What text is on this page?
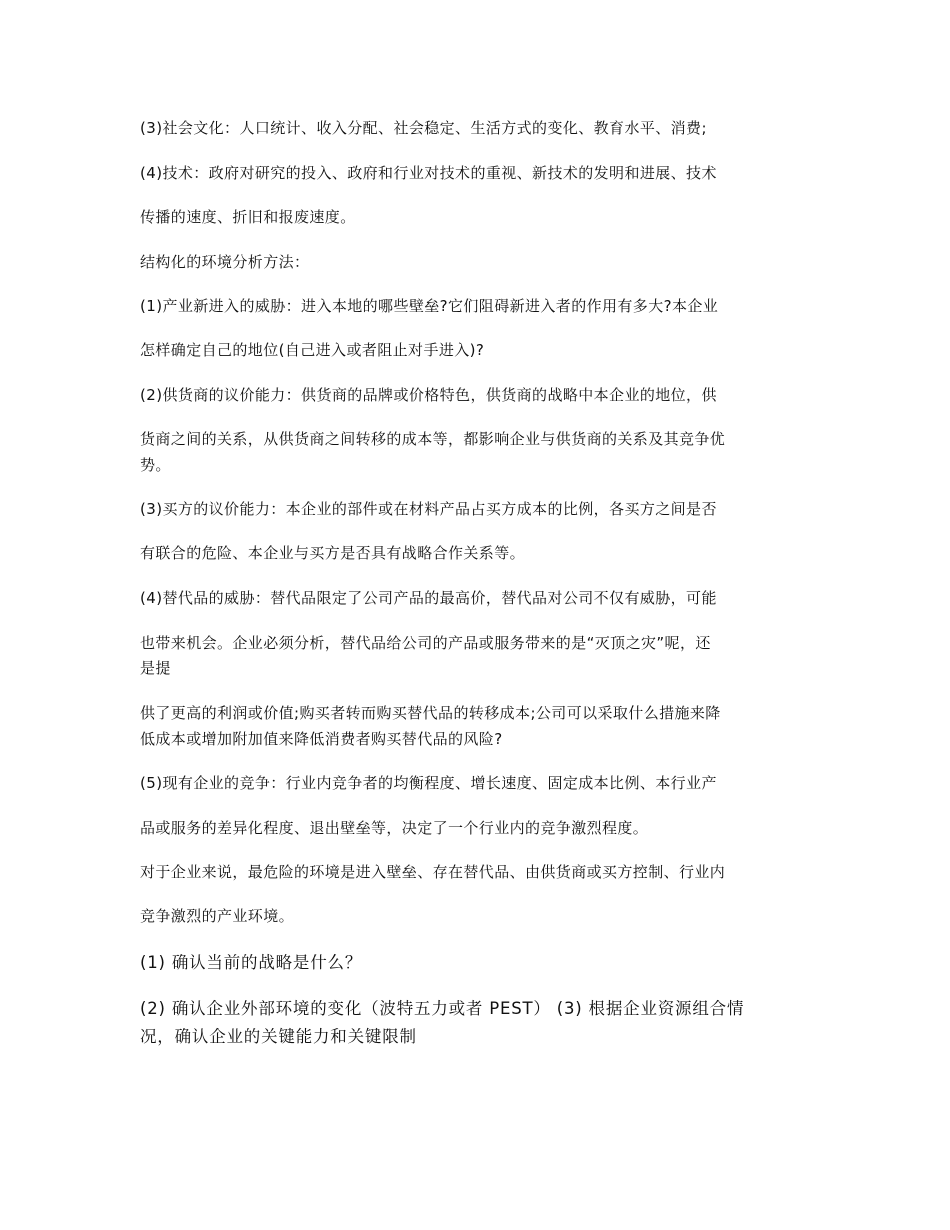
(3)社会文化：人口统计、收入分配、社会稳定、生活方式的变化、教育水平、消费;
(4)技术：政府对研究的投入、政府和行业对技术的重视、新技术的发明和进展、技术
传播的速度、折旧和报废速度。
结构化的环境分析方法：
(1)产业新进入的威胁：进入本地的哪些壁垒?它们阻碍新进入者的作用有多大?本企业
怎样确定自己的地位(自己进入或者阻止对手进入)?
(2)供货商的议价能力：供货商的品牌或价格特色，供货商的战略中本企业的地位，供
货商之间的关系，从供货商之间转移的成本等，都影响企业与供货商的关系及其竞争优
势。
(3)买方的议价能力：本企业的部件或在材料产品占买方成本的比例，各买方之间是否
有联合的危险、本企业与买方是否具有战略合作关系等。
(4)替代品的威胁：替代品限定了公司产品的最高价，替代品对公司不仅有威胁，可能
也带来机会。企业必须分析，替代品给公司的产品或服务带来的是“灭顶之灾”呢，还
是提
供了更高的利润或价值;购买者转而购买替代品的转移成本;公司可以采取什么措施来降
低成本或增加附加值来降低消费者购买替代品的风险?
(5)现有企业的竞争：行业内竞争者的均衡程度、增长速度、固定成本比例、本行业产
品或服务的差异化程度、退出壁垒等，决定了一个行业内的竞争激烈程度。
对于企业来说，最危险的环境是进入壁垒、存在替代品、由供货商或买方控制、行业内
竞争激烈的产业环境。
(1) 确认当前的战略是什么？
(2) 确认企业外部环境的变化（波特五力或者 PEST） (3) 根据企业资源组合情
况，确认企业的关键能力和关键限制
